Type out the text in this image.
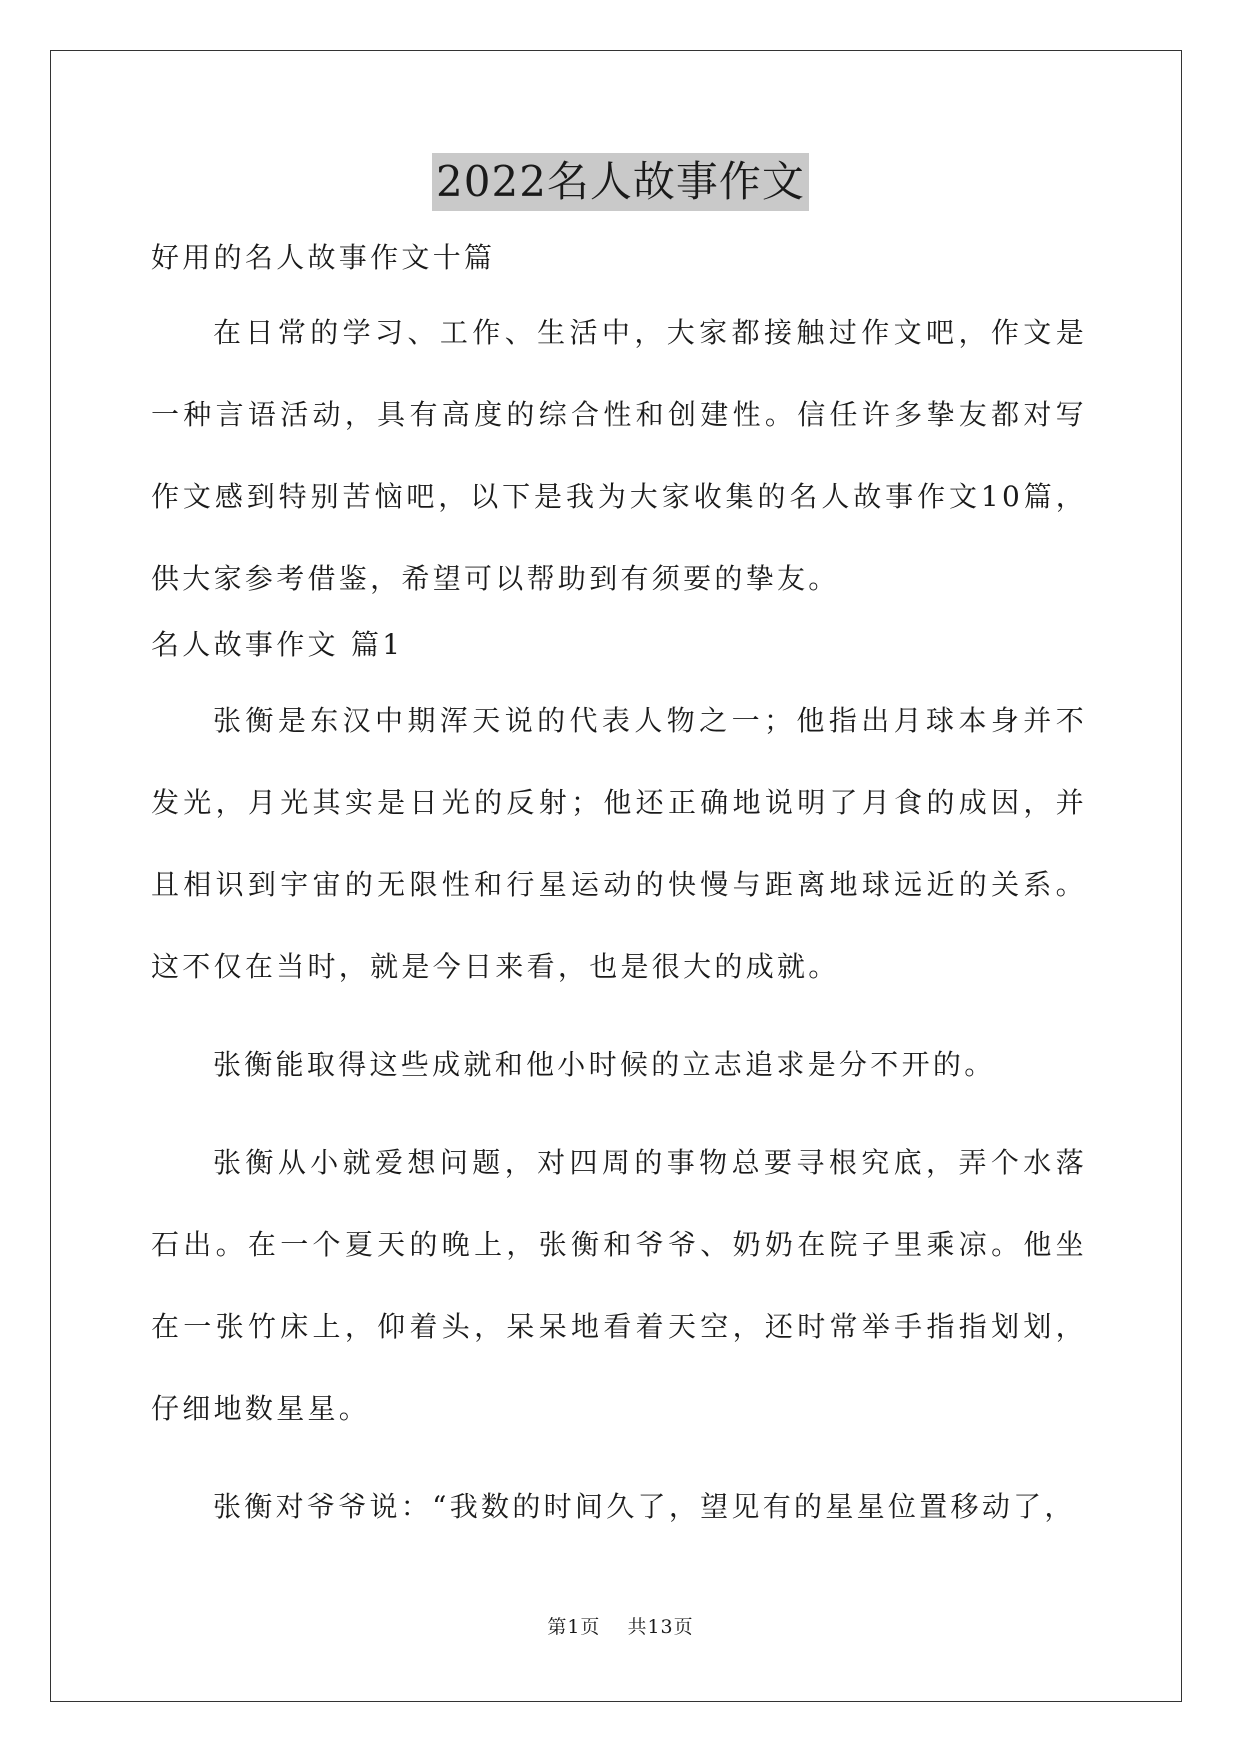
2022名人故事作文

好用的名人故事作文十篇

在日常的学习、工作、生活中，大家都接触过作文吧，作文是一种言语活动，具有高度的综合性和创建性。信任许多挚友都对写作文感到特别苦恼吧，以下是我为大家收集的名人故事作文10篇，供大家参考借鉴，希望可以帮助到有须要的挚友。

名人故事作文 篇1

张衡是东汉中期浑天说的代表人物之一；他指出月球本身并不发光，月光其实是日光的反射；他还正确地说明了月食的成因，并且相识到宇宙的无限性和行星运动的快慢与距离地球远近的关系。这不仅在当时，就是今日来看，也是很大的成就。

张衡能取得这些成就和他小时候的立志追求是分不开的。

张衡从小就爱想问题，对四周的事物总要寻根究底，弄个水落石出。在一个夏天的晚上，张衡和爷爷、奶奶在院子里乘凉。他坐在一张竹床上，仰着头，呆呆地看着天空，还时常举手指指划划，仔细地数星星。

张衡对爷爷说：“我数的时间久了，望见有的星星位置移动了，

第1页 共13页
